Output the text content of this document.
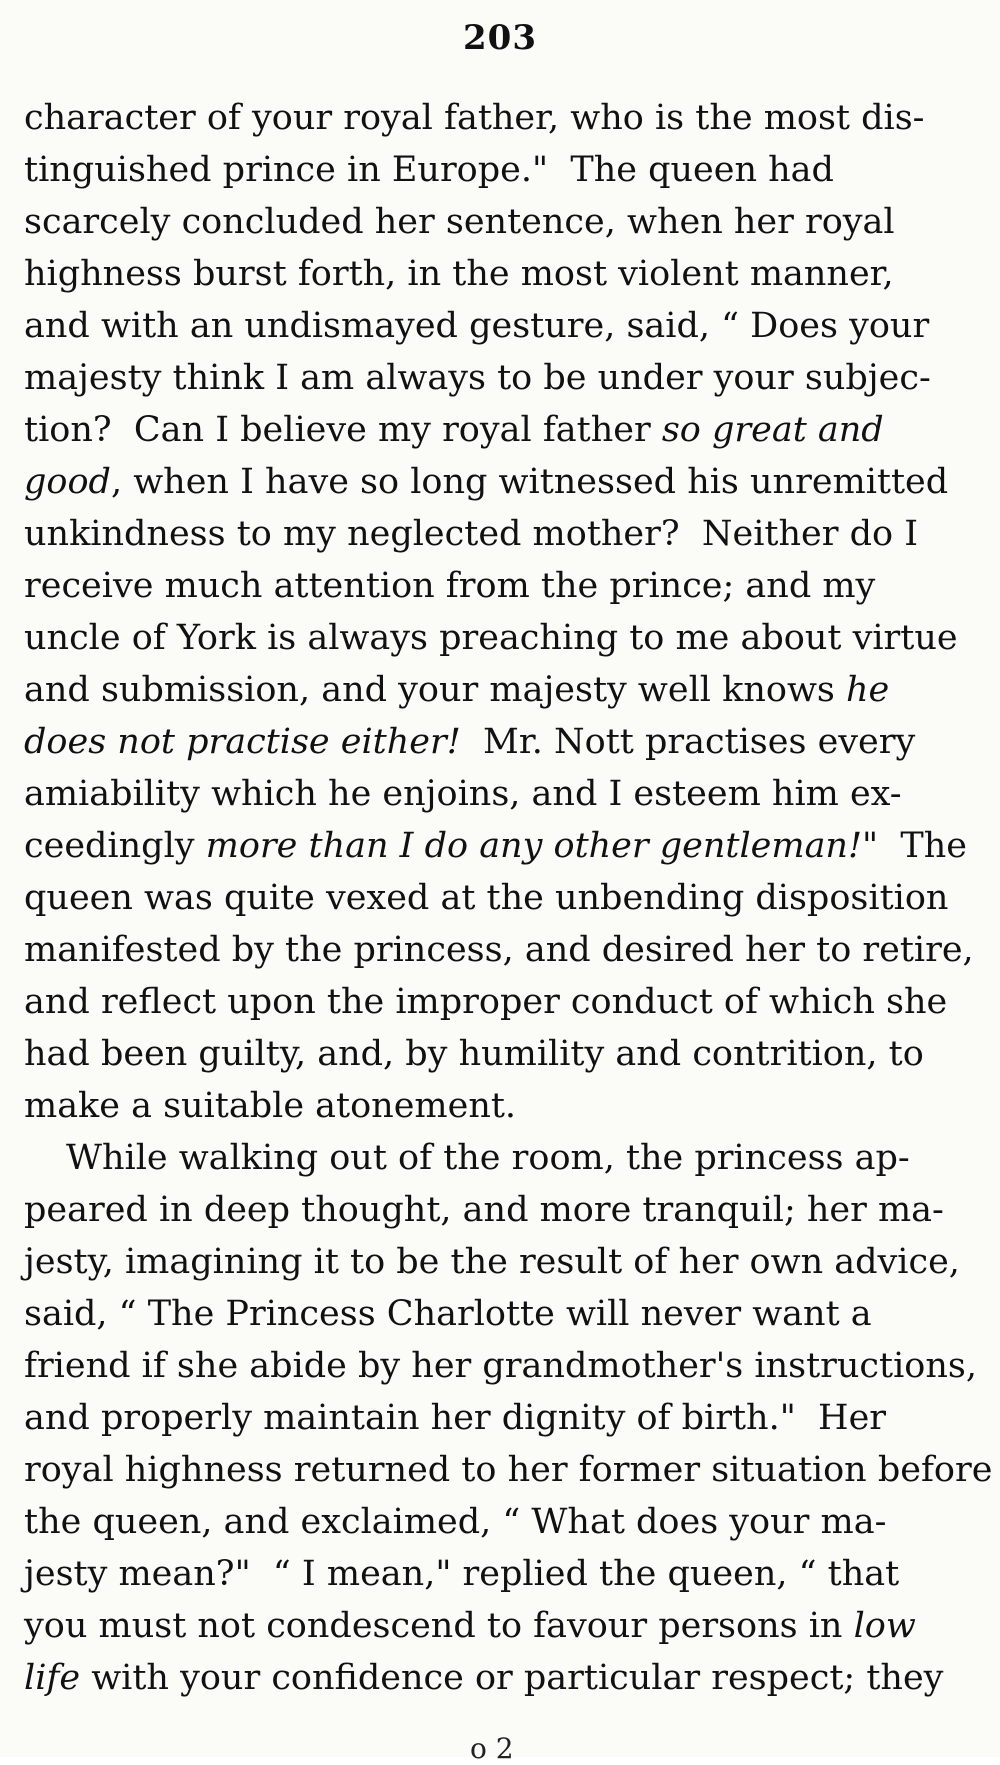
203
character of your royal father, who is the most dis-
tinguished prince in Europe."  The queen had
scarcely concluded her sentence, when her royal
highness burst forth, in the most violent manner,
and with an undismayed gesture, said, “ Does your
majesty think I am always to be under your subjec-
tion?  Can I believe my royal father so great and
good, when I have so long witnessed his unremitted
unkindness to my neglected mother?  Neither do I
receive much attention from the prince; and my
uncle of York is always preaching to me about virtue
and submission, and your majesty well knows he
does not practise either!  Mr. Nott practises every
amiability which he enjoins, and I esteem him ex-
ceedingly more than I do any other gentleman!"  The
queen was quite vexed at the unbending disposition
manifested by the princess, and desired her to retire,
and reflect upon the improper conduct of which she
had been guilty, and, by humility and contrition, to
make a suitable atonement.
While walking out of the room, the princess ap-
peared in deep thought, and more tranquil; her ma-
jesty, imagining it to be the result of her own advice,
said, “ The Princess Charlotte will never want a
friend if she abide by her grandmother's instructions,
and properly maintain her dignity of birth."  Her
royal highness returned to her former situation before
the queen, and exclaimed, “ What does your ma-
jesty mean?"  “ I mean," replied the queen, “ that
you must not condescend to favour persons in low
life with your confidence or particular respect; they
o 2
